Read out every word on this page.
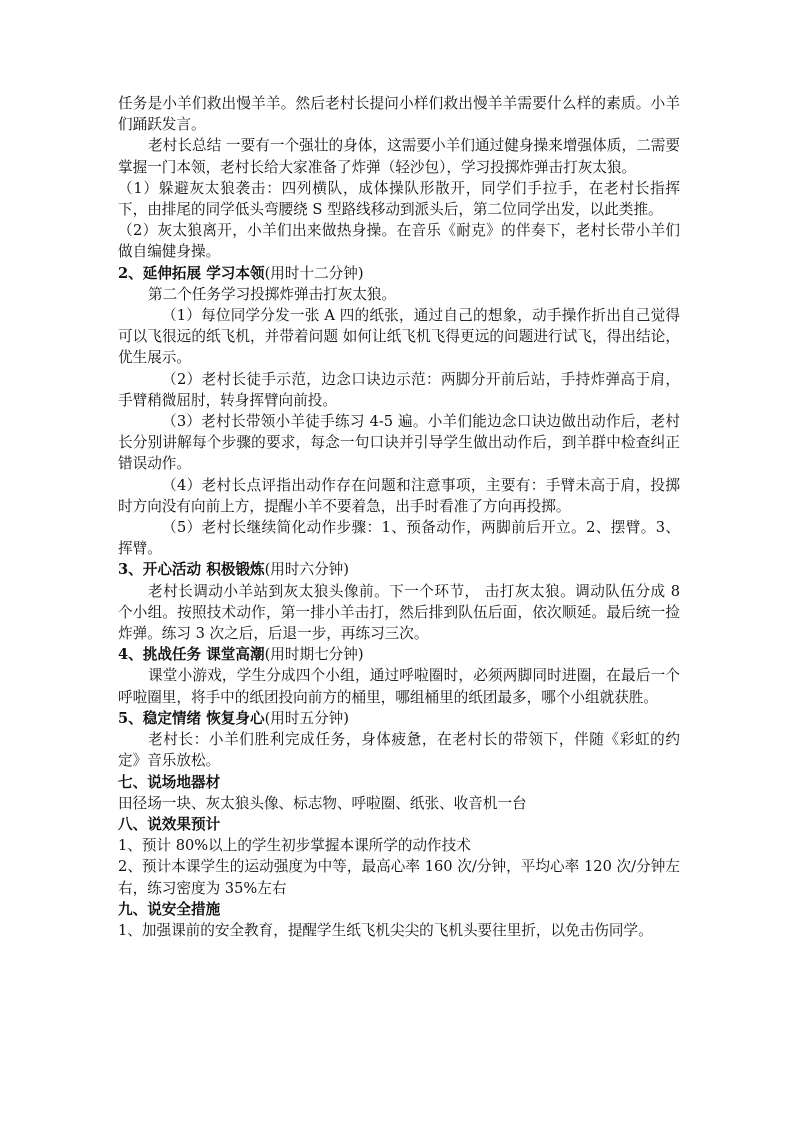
任务是小羊们救出慢羊羊。然后老村长提问小样们救出慢羊羊需要什么样的素质。小羊们踊跃发言。

老村长总结 一要有一个强壮的身体，这需要小羊们通过健身操来增强体质，二需要掌握一门本领，老村长给大家准备了炸弹（轻沙包），学习投掷炸弹击打灰太狼。

（1）躲避灰太狼袭击：四列横队，成体操队形散开，同学们手拉手，在老村长指挥下，由排尾的同学低头弯腰绕 S 型路线移动到派头后，第二位同学出发，以此类推。

（2）灰太狼离开，小羊们出来做热身操。在音乐《耐克》的伴奏下，老村长带小羊们做自编健身操。

2、延伸拓展 学习本领(用时十二分钟)

第二个任务学习投掷炸弹击打灰太狼。

（1）每位同学分发一张 A 四的纸张，通过自己的想象，动手操作折出自己觉得可以飞很远的纸飞机，并带着问题 如何让纸飞机飞得更远的问题进行试飞，得出结论，优生展示。

（2）老村长徒手示范，边念口诀边示范：两脚分开前后站，手持炸弹高于肩，手臂稍微屈肘，转身挥臂向前投。

（3）老村长带领小羊徒手练习 4-5 遍。小羊们能边念口诀边做出动作后，老村长分别讲解每个步骤的要求，每念一句口诀并引导学生做出动作后，到羊群中检查纠正错误动作。

（4）老村长点评指出动作存在问题和注意事项，主要有：手臂未高于肩，投掷时方向没有向前上方，提醒小羊不要着急，出手时看准了方向再投掷。

（5）老村长继续简化动作步骤：1、预备动作，两脚前后开立。2、摆臂。3、挥臂。

3、开心活动 积极锻炼(用时六分钟)

老村长调动小羊站到灰太狼头像前。下一个环节， 击打灰太狼。调动队伍分成 8 个小组。按照技术动作，第一排小羊击打，然后排到队伍后面，依次顺延。最后统一捡炸弹。练习 3 次之后，后退一步，再练习三次。

4、挑战任务 课堂高潮(用时期七分钟)

课堂小游戏，学生分成四个小组，通过呼啦圈时，必须两脚同时进圈，在最后一个呼啦圈里，将手中的纸团投向前方的桶里，哪组桶里的纸团最多，哪个小组就获胜。

5、稳定情绪 恢复身心(用时五分钟)

老村长：小羊们胜利完成任务，身体疲惫，在老村长的带领下，伴随《彩虹的约定》音乐放松。

七、说场地器材

田径场一块、灰太狼头像、标志物、呼啦圈、纸张、收音机一台

八、说效果预计

1、预计 80%以上的学生初步掌握本课所学的动作技术

2、预计本课学生的运动强度为中等，最高心率 160 次/分钟，平均心率 120 次/分钟左右，练习密度为 35%左右

九、说安全措施

1、加强课前的安全教育，提醒学生纸飞机尖尖的飞机头要往里折，以免击伤同学。
